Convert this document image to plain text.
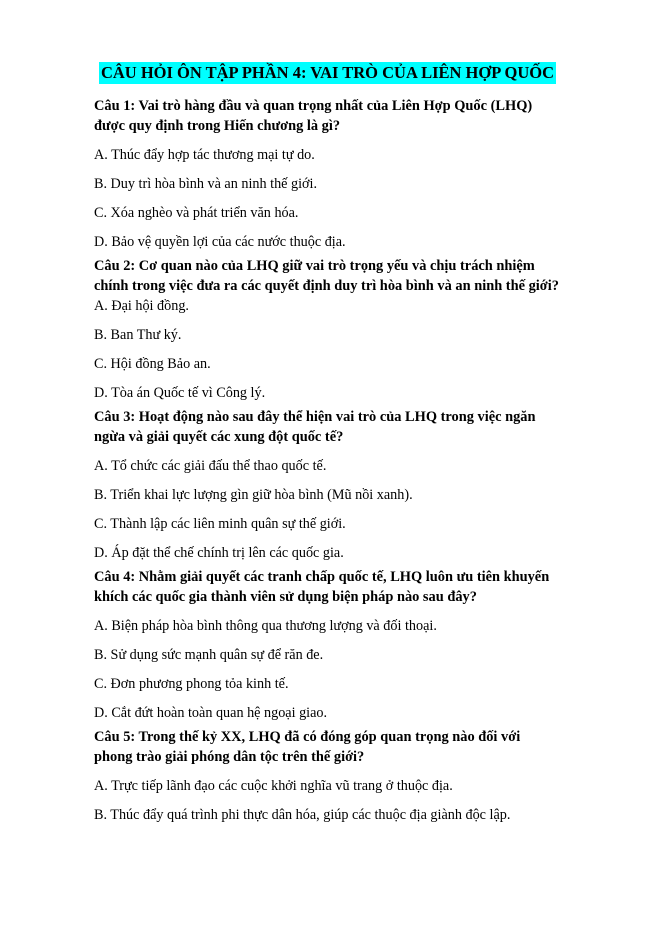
CÂU HỎI ÔN TẬP PHẦN 4: VAI TRÒ CỦA LIÊN HỢP QUỐC

Câu 1: Vai trò hàng đầu và quan trọng nhất của Liên Hợp Quốc (LHQ)

được quy định trong Hiến chương là gì?

A. Thúc đẩy hợp tác thương mại tự do.

B. Duy trì hòa bình và an ninh thế giới.

C. Xóa nghèo và phát triển văn hóa.

D. Bảo vệ quyền lợi của các nước thuộc địa.

Câu 2: Cơ quan nào của LHQ giữ vai trò trọng yếu và chịu trách nhiệm

chính trong việc đưa ra các quyết định duy trì hòa bình và an ninh thế giới?

A. Đại hội đồng.

B. Ban Thư ký.

C. Hội đồng Bảo an.

D. Tòa án Quốc tế vì Công lý.

Câu 3: Hoạt động nào sau đây thể hiện vai trò của LHQ trong việc ngăn

ngừa và giải quyết các xung đột quốc tế?

A. Tổ chức các giải đấu thể thao quốc tế.

B. Triển khai lực lượng gìn giữ hòa bình (Mũ nồi xanh).

C. Thành lập các liên minh quân sự thế giới.

D. Áp đặt thể chế chính trị lên các quốc gia.

Câu 4: Nhằm giải quyết các tranh chấp quốc tế, LHQ luôn ưu tiên khuyến

khích các quốc gia thành viên sử dụng biện pháp nào sau đây?

A. Biện pháp hòa bình thông qua thương lượng và đối thoại.

B. Sử dụng sức mạnh quân sự để răn đe.

C. Đơn phương phong tỏa kinh tế.

D. Cắt đứt hoàn toàn quan hệ ngoại giao.

Câu 5: Trong thế kỷ XX, LHQ đã có đóng góp quan trọng nào đối với

phong trào giải phóng dân tộc trên thế giới?

A. Trực tiếp lãnh đạo các cuộc khởi nghĩa vũ trang ở thuộc địa.

B. Thúc đẩy quá trình phi thực dân hóa, giúp các thuộc địa giành độc lập.
